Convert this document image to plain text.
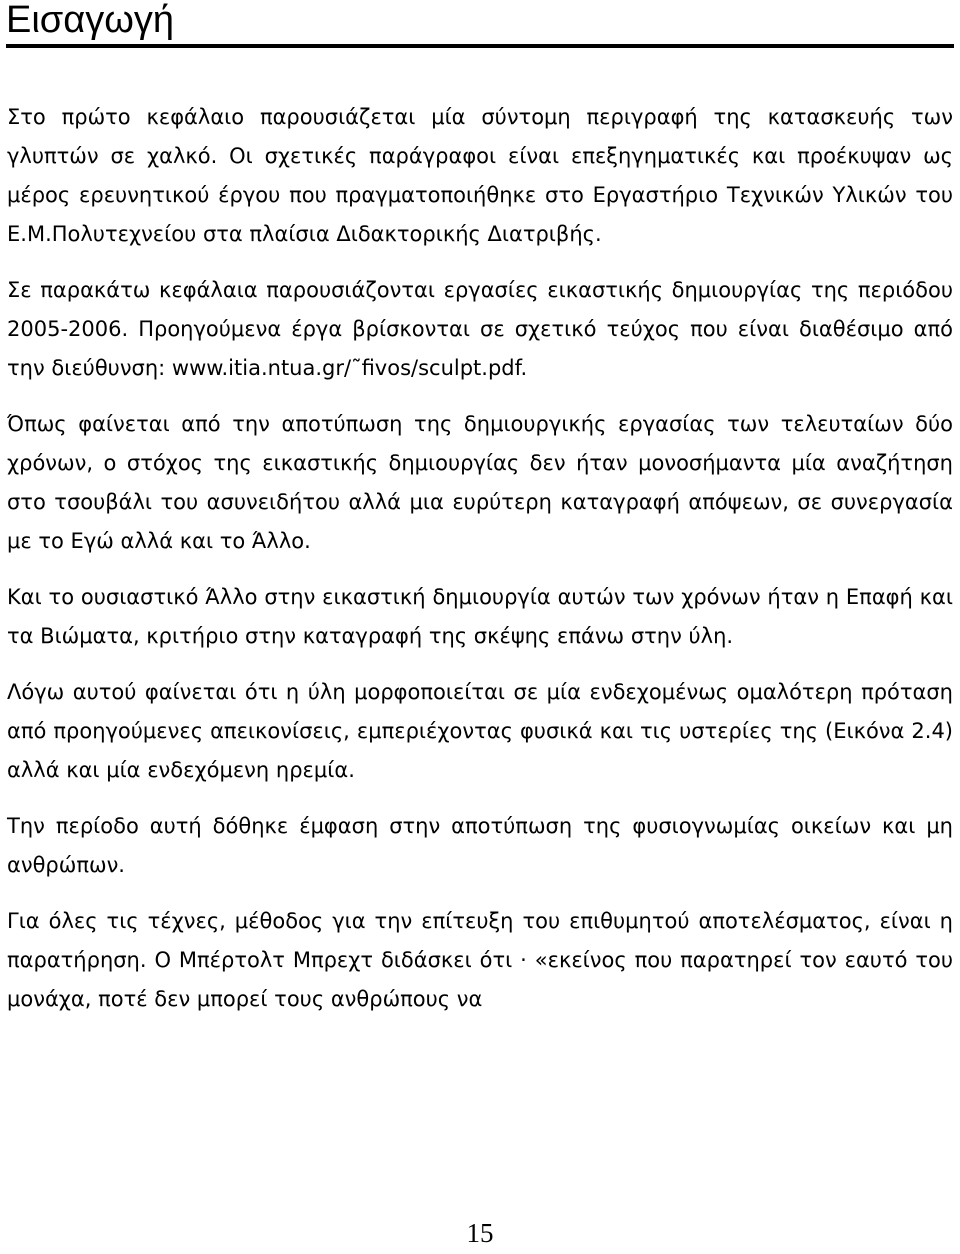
Εισαγωγή

Στο πρώτο κεφάλαιο παρουσιάζεται μία σύντομη περιγραφή της κατασκευής των γλυπτών σε χαλκό. Οι σχετικές παράγραφοι είναι επεξηγηματικές και προέκυψαν ως μέρος ερευνητικού έργου που πραγματοποιήθηκε στο Εργαστήριο Τεχνικών Υλικών του Ε.Μ.Πολυτεχνείου στα πλαίσια Διδακτορικής Διατριβής.

Σε παρακάτω κεφάλαια παρουσιάζονται εργασίες εικαστικής δημιουργίας της περιόδου 2005-2006. Προηγούμενα έργα βρίσκονται σε σχετικό τεύχος που είναι διαθέσιμο από την διεύθυνση: www.itia.ntua.gr/˜fivos/sculpt.pdf.

Όπως φαίνεται από την αποτύπωση της δημιουργικής εργασίας των τελευταίων δύο χρόνων, ο στόχος της εικαστικής δημιουργίας δεν ήταν μονοσήμαντα μία αναζήτηση στο τσουβάλι του ασυνειδήτου αλλά μια ευρύτερη καταγραφή απόψεων, σε συνεργασία με το Εγώ αλλά και το Άλλο.

Και το ουσιαστικό Άλλο στην εικαστική δημιουργία αυτών των χρόνων ήταν η Επαφή και τα Βιώματα, κριτήριο στην καταγραφή της σκέψης επάνω στην ύλη.

Λόγω αυτού φαίνεται ότι η ύλη μορφοποιείται σε μία ενδεχομένως ομαλότερη πρόταση από προηγούμενες απεικονίσεις, εμπεριέχοντας φυσικά και τις υστερίες της (Εικόνα 2.4) αλλά και μία ενδεχόμενη ηρεμία.

Την περίοδο αυτή δόθηκε έμφαση στην αποτύπωση της φυσιογνωμίας οικείων και μη ανθρώπων.

Για όλες τις τέχνες, μέθοδος για την επίτευξη του επιθυμητού αποτελέσματος, είναι η παρατήρηση. Ο Μπέρτολτ Μπρεχτ διδάσκει ότι · «εκείνος που παρατηρεί τον εαυτό του μονάχα, ποτέ δεν μπορεί τους ανθρώπους να

15
